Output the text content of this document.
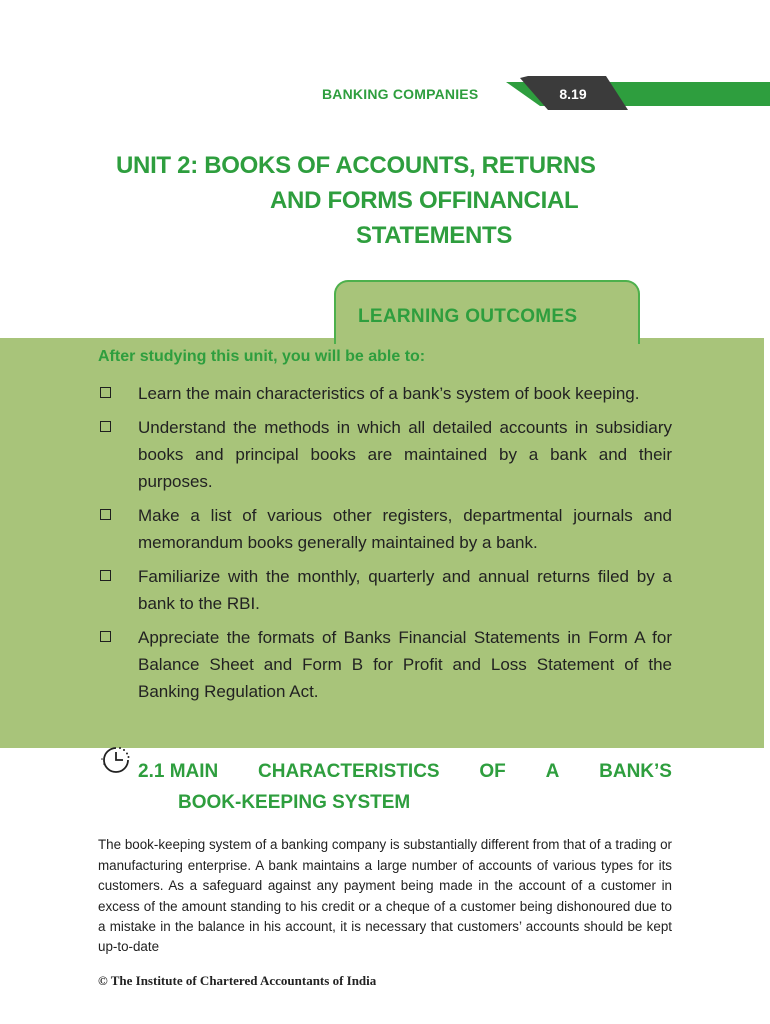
BANKING COMPANIES	8.19
UNIT 2: BOOKS OF ACCOUNTS, RETURNS
AND FORMS OFFINANCIAL
STATEMENTS
LEARNING OUTCOMES
After studying this unit, you will be able to:
Learn the main characteristics of a bank’s system of book keeping.
Understand the methods in which all detailed accounts in subsidiary books and principal books are maintained by a bank and their purposes.
Make a list of various other registers, departmental journals and memorandum books generally maintained by a bank.
Familiarize with the monthly, quarterly and annual returns filed by a bank to the RBI.
Appreciate the formats of Banks Financial Statements in Form A for Balance Sheet and Form B for Profit and Loss Statement of the Banking Regulation Act.
2.1 MAIN CHARACTERISTICS OF A BANK’S
BOOK-KEEPING SYSTEM

The book-keeping system of a banking company is substantially different from that of a trading or manufacturing enterprise. A bank maintains a large number of accounts of various types for its customers. As a safeguard against any payment being made in the account of a customer in excess of the amount standing to his credit or a cheque of a customer being dishonoured due to a mistake in the balance in his account, it is necessary that customers’ accounts should be kept up-to-date

© The Institute of Chartered Accountants of India
